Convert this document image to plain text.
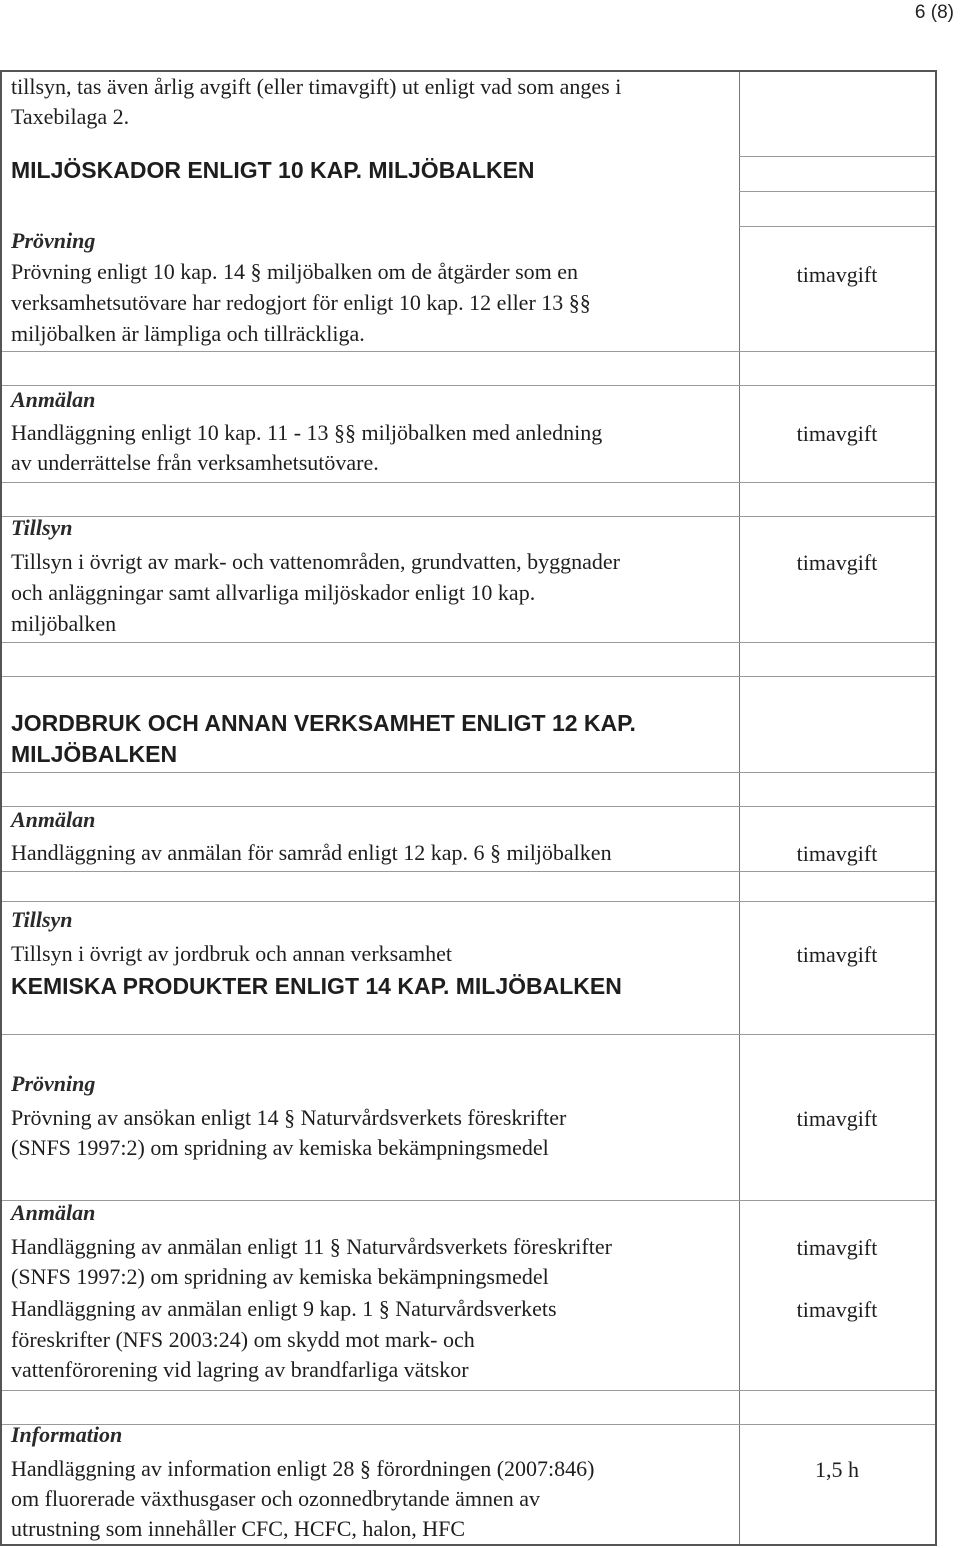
6 (8)
tillsyn, tas även årlig avgift (eller timavgift) ut enligt vad som anges i
Taxebilaga 2.
MILJÖSKADOR ENLIGT 10 KAP. MILJÖBALKEN
Prövning
Prövning enligt 10 kap. 14 § miljöbalken om de åtgärder som en
verksamhetsutövare har redogjort för enligt 10 kap. 12 eller 13 §§
miljöbalken är lämpliga och tillräckliga.
timavgift
Anmälan
Handläggning enligt 10 kap. 11 - 13 §§ miljöbalken med anledning
av underrättelse från verksamhetsutövare.
timavgift
Tillsyn
Tillsyn i övrigt av mark- och vattenområden, grundvatten, byggnader
och anläggningar samt allvarliga miljöskador enligt 10 kap.
miljöbalken
timavgift
JORDBRUK OCH ANNAN VERKSAMHET ENLIGT 12 KAP.
MILJÖBALKEN
Anmälan
Handläggning av anmälan för samråd enligt 12 kap. 6 § miljöbalken	timavgift
Tillsyn
Tillsyn i övrigt av jordbruk och annan verksamhet	timavgift
KEMISKA PRODUKTER ENLIGT 14 KAP. MILJÖBALKEN
Prövning
Prövning av ansökan enligt 14 § Naturvårdsverkets föreskrifter
(SNFS 1997:2) om spridning av kemiska bekämpningsmedel
timavgift
Anmälan
Handläggning av anmälan enligt 11 § Naturvårdsverkets föreskrifter
(SNFS 1997:2) om spridning av kemiska bekämpningsmedel
timavgift
Handläggning av anmälan enligt 9 kap. 1 § Naturvårdsverkets
föreskrifter (NFS 2003:24) om skydd mot mark- och
vattenförorening vid lagring av brandfarliga vätskor
timavgift
Information
Handläggning av information enligt 28 § förordningen (2007:846)
om fluorerade växthusgaser och ozonnedbrytande ämnen av
utrustning som innehåller CFC, HCFC, halon, HFC
1,5 h
